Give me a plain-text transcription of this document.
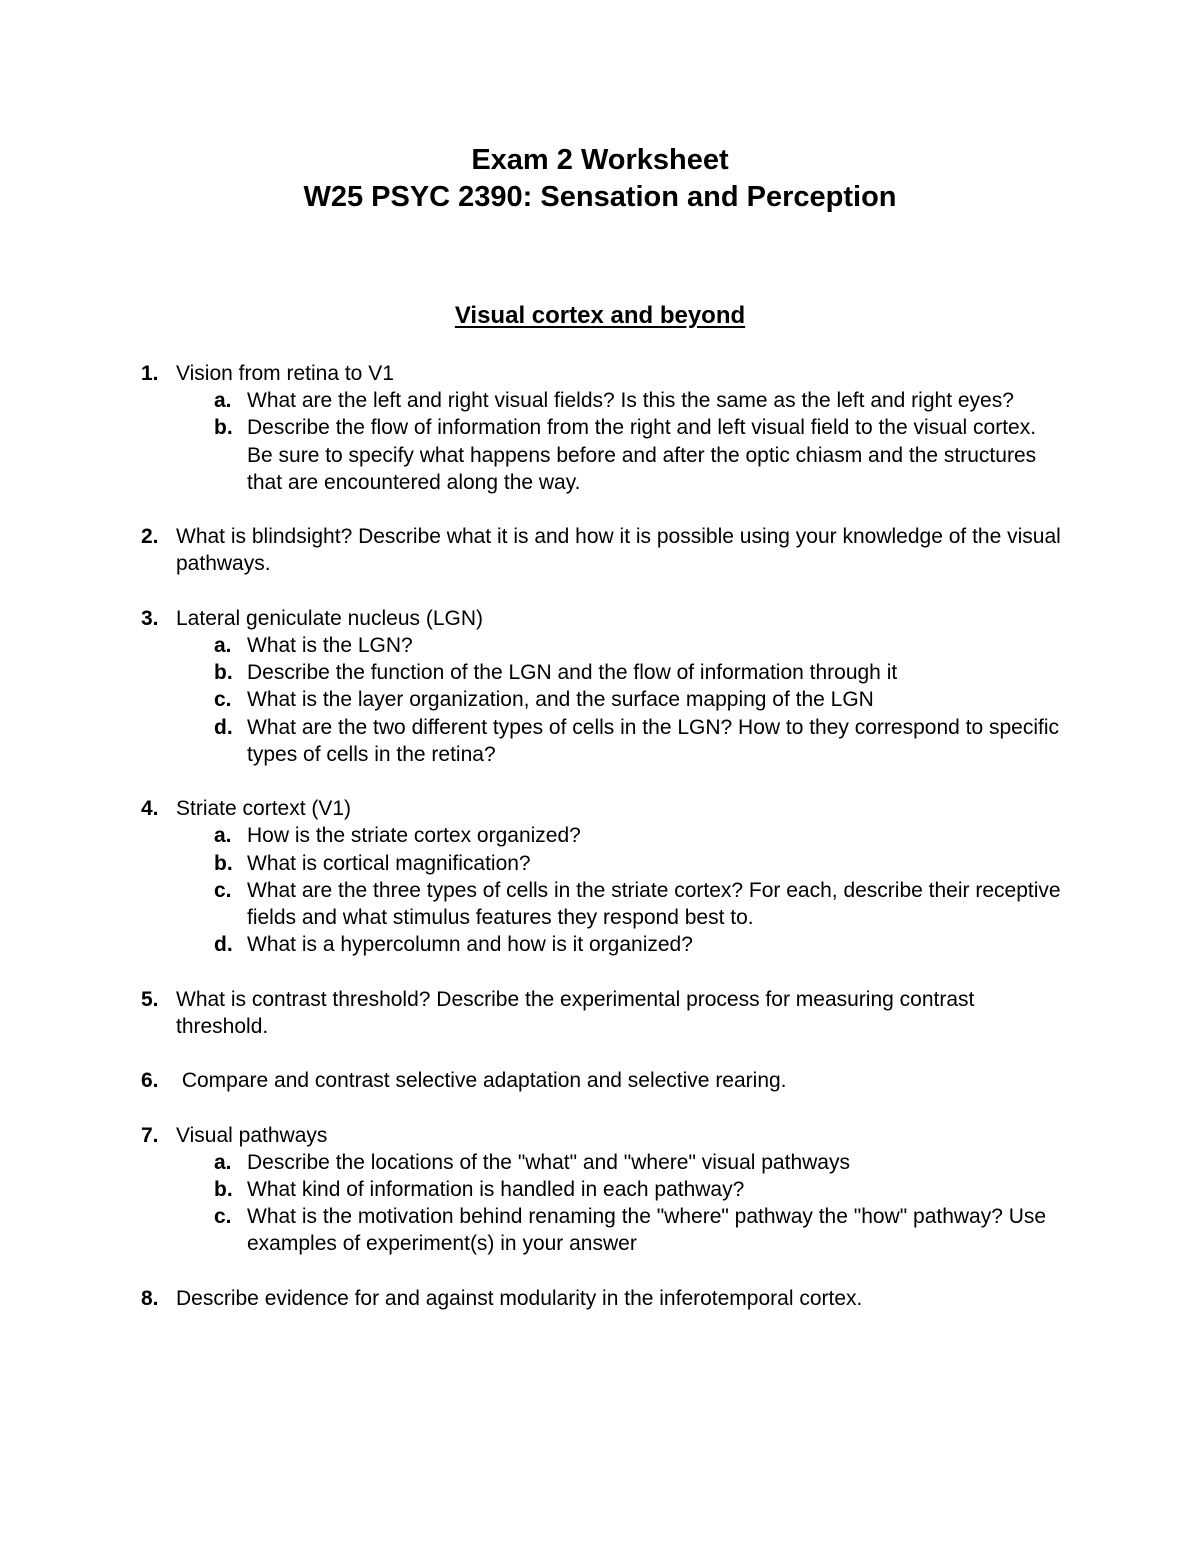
Exam 2 Worksheet
W25 PSYC 2390: Sensation and Perception
Visual cortex and beyond
1. Vision from retina to V1
a. What are the left and right visual fields? Is this the same as the left and right eyes?
b. Describe the flow of information from the right and left visual field to the visual cortex. Be sure to specify what happens before and after the optic chiasm and the structures that are encountered along the way.
2. What is blindsight? Describe what it is and how it is possible using your knowledge of the visual pathways.
3. Lateral geniculate nucleus (LGN)
a. What is the LGN?
b. Describe the function of the LGN and the flow of information through it
c. What is the layer organization, and the surface mapping of the LGN
d. What are the two different types of cells in the LGN? How to they correspond to specific types of cells in the retina?
4. Striate cortext (V1)
a. How is the striate cortex organized?
b. What is cortical magnification?
c. What are the three types of cells in the striate cortex? For each, describe their receptive fields and what stimulus features they respond best to.
d. What is a hypercolumn and how is it organized?
5. What is contrast threshold? Describe the experimental process for measuring contrast threshold.
6. Compare and contrast selective adaptation and selective rearing.
7. Visual pathways
a. Describe the locations of the "what" and "where" visual pathways
b. What kind of information is handled in each pathway?
c. What is the motivation behind renaming the "where" pathway the "how" pathway? Use examples of experiment(s) in your answer
8. Describe evidence for and against modularity in the inferotemporal cortex.
